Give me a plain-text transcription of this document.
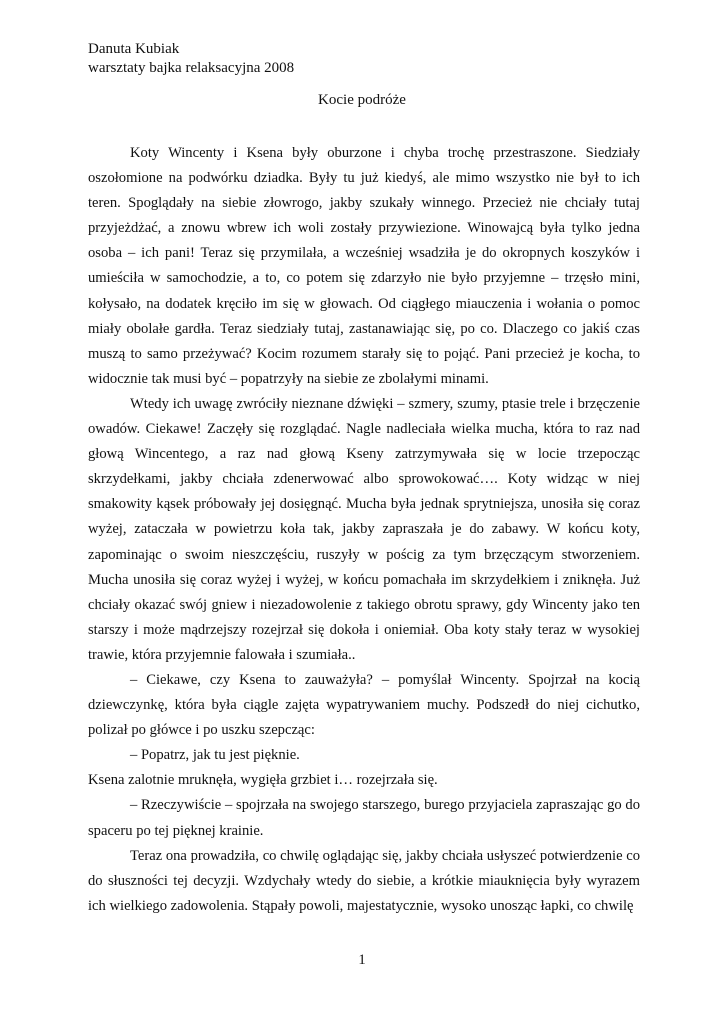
Danuta Kubiak
warsztaty bajka relaksacyjna 2008
Kocie podróże

Koty Wincenty i Ksena były oburzone i chyba trochę przestraszone. Siedziały oszołomione na podwórku dziadka. Były tu już kiedyś, ale mimo wszystko nie był to ich teren. Spoglądały na siebie złowrogo, jakby szukały winnego. Przecież nie chciały tutaj przyjeżdżać, a znowu wbrew ich woli zostały przywiezione. Winowajcą była tylko jedna osoba – ich pani! Teraz się przymilała, a wcześniej wsadziła je do okropnych koszyków i umieściła w samochodzie, a to, co potem się zdarzyło nie było przyjemne – trzęsło mini, kołysało, na dodatek kręciło im się w głowach. Od ciągłego miauczenia i wołania o pomoc miały obolałe gardła. Teraz siedziały tutaj, zastanawiając się, po co. Dlaczego co jakiś czas muszą to samo przeżywać? Kocim rozumem starały się to pojąć. Pani przecież je kocha, to widocznie tak musi być – popatrzyły na siebie ze zbolałymi minami.

Wtedy ich uwagę zwróciły nieznane dźwięki – szmery, szumy, ptasie trele i brzęczenie owadów. Ciekawe! Zaczęły się rozglądać. Nagle nadleciała wielka mucha, która to raz nad głową Wincentego, a raz nad głową Kseny zatrzymywała się w locie trzepocząc skrzydełkami, jakby chciała zdenerwować albo sprowokować…. Koty widząc w niej smakowity kąsek próbowały jej dosięgnąć. Mucha była jednak sprytniejsza, unosiła się coraz wyżej, zataczała w powietrzu koła tak, jakby zapraszała je do zabawy. W końcu koty, zapominając o swoim nieszczęściu, ruszyły w pościg za tym brzęczącym stworzeniem. Mucha unosiła się coraz wyżej i wyżej, w końcu pomachała im skrzydełkiem i zniknęła. Już chciały okazać swój gniew i niezadowolenie z takiego obrotu sprawy, gdy Wincenty jako ten starszy i może mądrzejszy rozejrzał się dokoła i oniemiał. Oba koty stały teraz w wysokiej trawie, która przyjemnie falowała i szumiała..

– Ciekawe, czy Ksena to zauważyła? – pomyślał Wincenty. Spojrzał na kocią dziewczynkę, która była ciągle zajęta wypatrywaniem muchy. Podszedł do niej cichutko, polizał po główce i po uszku szepcząc:

– Popatrz, jak tu jest pięknie.

Ksena zalotnie mruknęła, wygięła grzbiet i… rozejrzała się.

– Rzeczywiście – spojrzała na swojego starszego, burego przyjaciela zapraszając go do spaceru po tej pięknej krainie.

Teraz ona prowadziła, co chwilę oglądając się, jakby chciała usłyszeć potwierdzenie co do słuszności tej decyzji. Wzdychały wtedy do siebie, a krótkie miauknięcia były wyrazem ich wielkiego zadowolenia. Stąpały powoli, majestatycznie, wysoko unosząc łapki, co chwilę

1
